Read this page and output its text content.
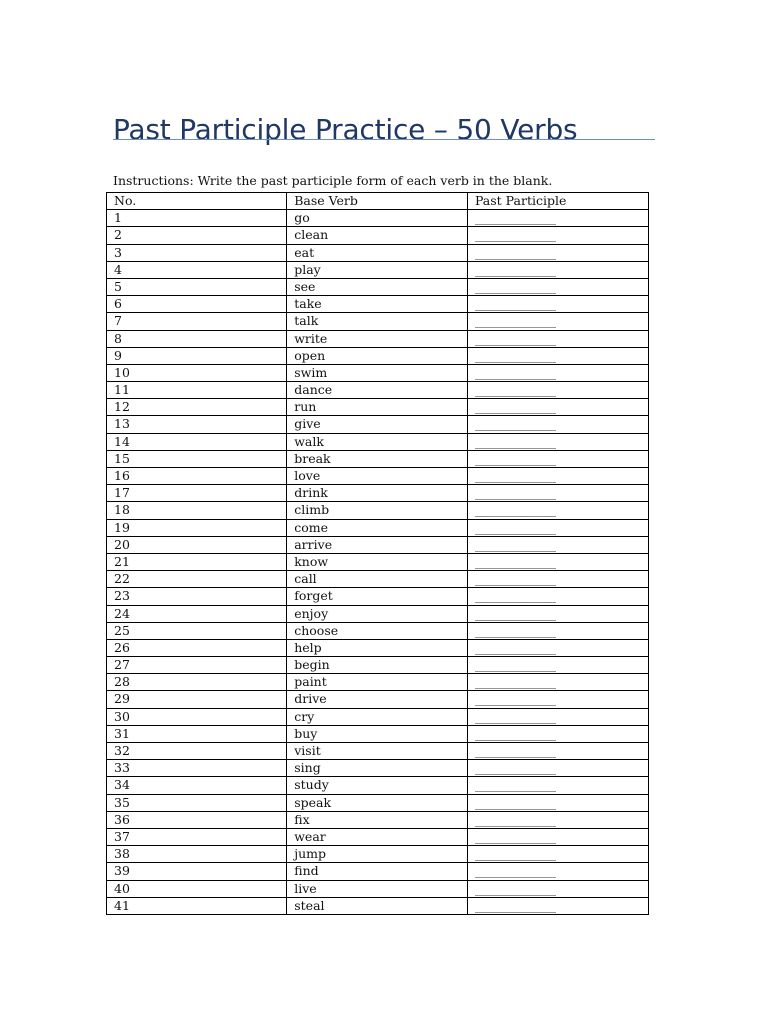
Past Participle Practice – 50 Verbs

Instructions: Write the past participle form of each verb in the blank.

No.	Base Verb	Past Participle
1	go	______________
2	clean	______________
3	eat	______________
4	play	______________
5	see	______________
6	take	______________
7	talk	______________
8	write	______________
9	open	______________
10	swim	______________
11	dance	______________
12	run	______________
13	give	______________
14	walk	______________
15	break	______________
16	love	______________
17	drink	______________
18	climb	______________
19	come	______________
20	arrive	______________
21	know	______________
22	call	______________
23	forget	______________
24	enjoy	______________
25	choose	______________
26	help	______________
27	begin	______________
28	paint	______________
29	drive	______________
30	cry	______________
31	buy	______________
32	visit	______________
33	sing	______________
34	study	______________
35	speak	______________
36	fix	______________
37	wear	______________
38	jump	______________
39	find	______________
40	live	______________
41	steal	______________
